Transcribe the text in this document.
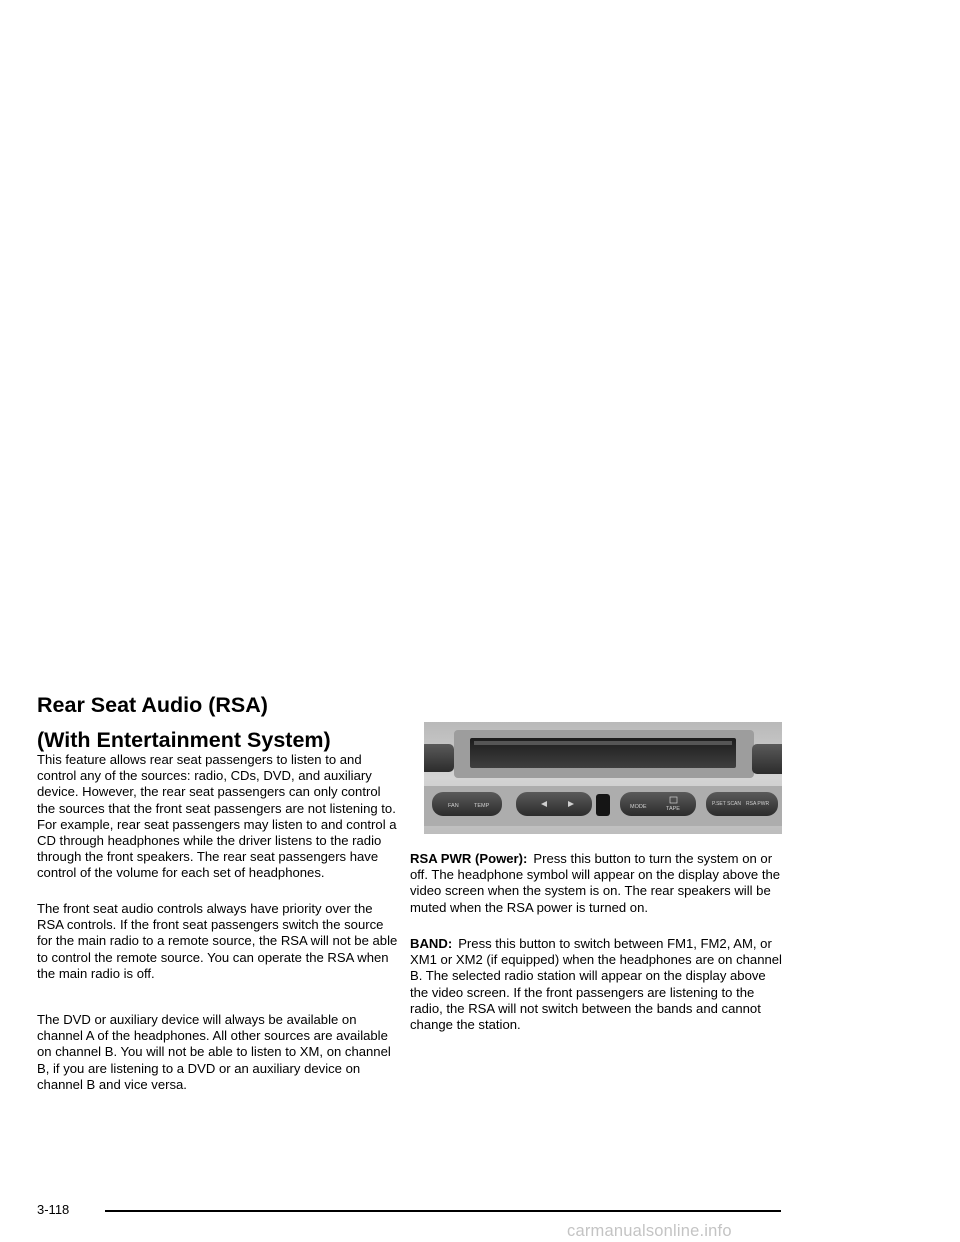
Rear Seat Audio (RSA)
(With Entertainment System)

This feature allows rear seat passengers to listen to and control any of the sources: radio, CDs, DVD, and auxiliary device. However, the rear seat passengers can only control the sources that the front seat passengers are not listening to. For example, rear seat passengers may listen to and control a CD through headphones while the driver listens to the radio through the front speakers. The rear seat passengers have control of the volume for each set of headphones.

The front seat audio controls always have priority over the RSA controls. If the front seat passengers switch the source for the main radio to a remote source, the RSA will not be able to control the remote source. You can operate the RSA when the main radio is off.

The DVD or auxiliary device will always be available on channel A of the headphones. All other sources are available on channel B. You will not be able to listen to XM, on channel B, if you are listening to a DVD or an auxiliary device on channel B and vice versa.

FAN	TEMP	MODE	TAPE
P.SET SCAN RSA PWR

RSA PWR (Power): Press this button to turn the system on or off. The headphone symbol will appear on the display above the video screen when the system is on. The rear speakers will be muted when the RSA power is turned on.

BAND: Press this button to switch between FM1, FM2, AM, or XM1 or XM2 (if equipped) when the headphones are on channel B. The selected radio station will appear on the display above the video screen. If the front passengers are listening to the radio, the RSA will not switch between the bands and cannot change the station.

3-118
carmanualsonline.info
